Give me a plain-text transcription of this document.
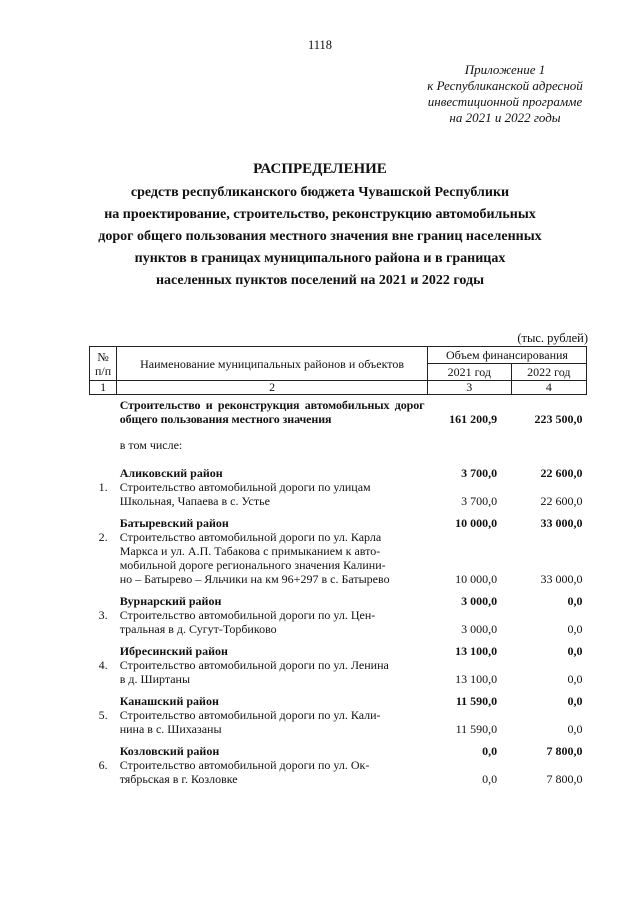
1118
Приложение 1
к Республиканской адресной
инвестиционной программе
на 2021 и 2022 годы
РАСПРЕДЕЛЕНИЕ
средств республиканского бюджета Чувашской Республики
на проектирование, строительство, реконструкцию автомобильных
дорог общего пользования местного значения вне границ населенных
пунктов в границах муниципального района и в границах
населенных пунктов поселений на 2021 и 2022 годы
(тыс. рублей)
№ п/п	Наименование муниципальных районов и объектов	Объем финансирования	
		2021 год	2022 год
1	2	3	4
	Строительство и реконструкция автомобильных дорог общего пользования местного значения	161 200,9	223 500,0
	в том числе:		
	Аликовский район	3 700,0	22 600,0
1.	Строительство автомобильной дороги по улицам
Школьная, Чапаева в с. Устье	3 700,0	22 600,0
	Батыревский район	10 000,0	33 000,0
2.	Строительство автомобильной дороги по ул. Карла
Маркса и ул. А.П. Табакова с примыканием к авто-
мобильной дороге регионального значения Калини-
но – Батырево – Яльчики на км 96+297 в с. Батырево	10 000,0	33 000,0
	Вурнарский район	3 000,0	0,0
3.	Строительство автомобильной дороги по ул. Цен-
тральная в д. Сугут-Торбиково	3 000,0	0,0
	Ибресинский район	13 100,0	0,0
4.	Строительство автомобильной дороги по ул. Ленина
в д. Ширтаны	13 100,0	0,0
	Канашский район	11 590,0	0,0
5.	Строительство автомобильной дороги по ул. Кали-
нина в с. Шихазаны	11 590,0	0,0
	Козловский район	0,0	7 800,0
6.	Строительство автомобильной дороги по ул. Ок-
тябрьская в г. Козловке	0,0	7 800,0
